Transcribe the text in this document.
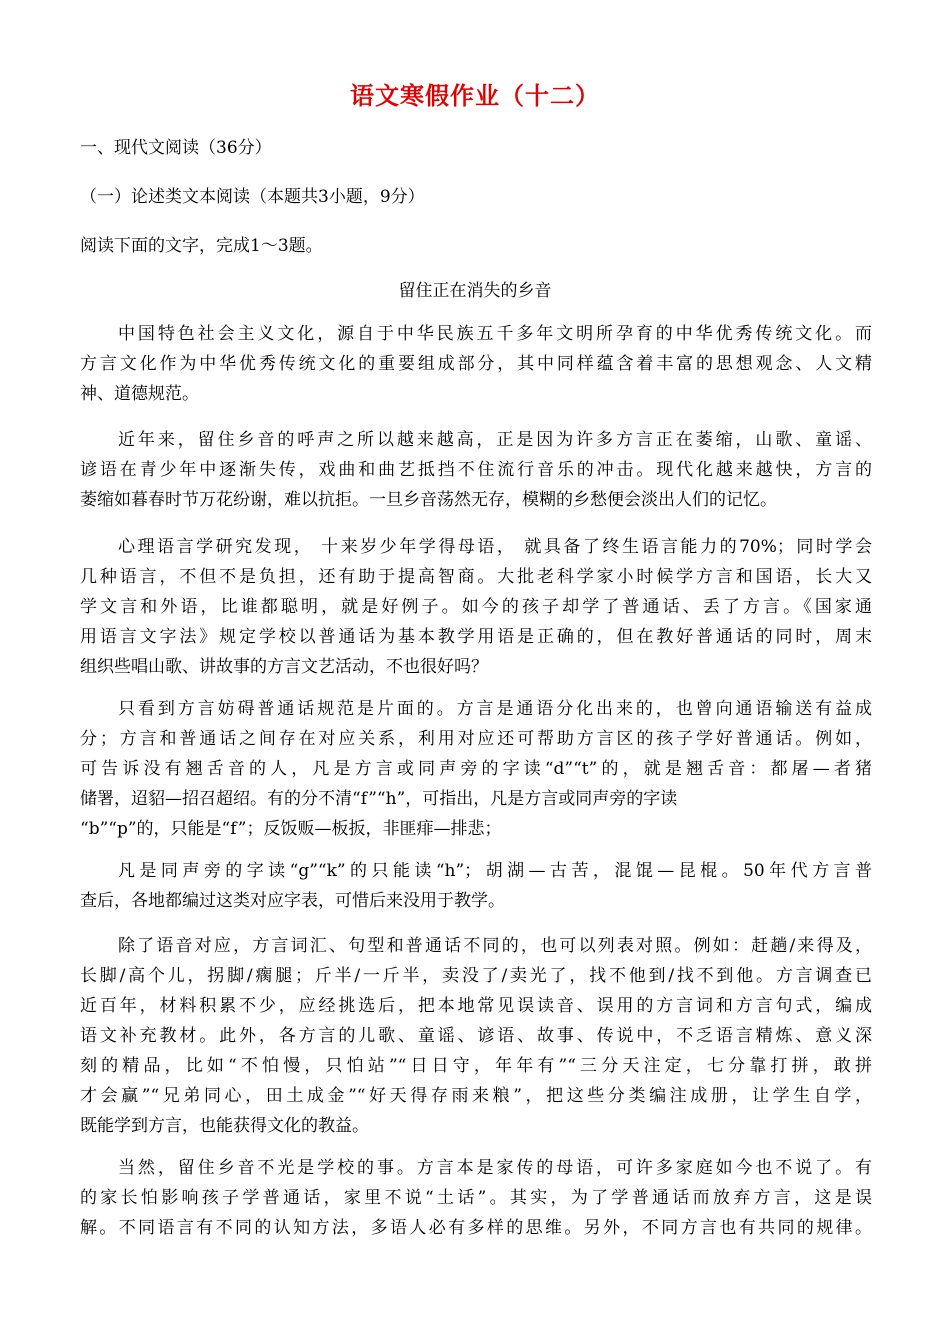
语文寒假作业（十二）
一、现代文阅读（36分）
（一）论述类文本阅读（本题共3小题，9分）
阅读下面的文字，完成1～3题。
留住正在消失的乡音
中国特色社会主义文化，源自于中华民族五千多年文明所孕育的中华优秀传统文化。而
方言文化作为中华优秀传统文化的重要组成部分，其中同样蕴含着丰富的思想观念、人文精
神、道德规范。
近年来，留住乡音的呼声之所以越来越高，正是因为许多方言正在萎缩，山歌、童谣、
谚语在青少年中逐渐失传，戏曲和曲艺抵挡不住流行音乐的冲击。现代化越来越快，方言的
萎缩如暮春时节万花纷谢，难以抗拒。一旦乡音荡然无存，模糊的乡愁便会淡出人们的记忆。
心理语言学研究发现， 十来岁少年学得母语， 就具备了终生语言能力的70%；同时学会
几种语言，不但不是负担，还有助于提高智商。大批老科学家小时候学方言和国语，长大又
学文言和外语，比谁都聪明，就是好例子。如今的孩子却学了普通话、丢了方言。《国家通
用语言文字法》规定学校以普通话为基本教学用语是正确的，但在教好普通话的同时，周末
组织些唱山歌、讲故事的方言文艺活动，不也很好吗？
只看到方言妨碍普通话规范是片面的。方言是通语分化出来的，也曾向通语输送有益成
分；方言和普通话之间存在对应关系，利用对应还可帮助方言区的孩子学好普通话。例如，
可告诉没有翘舌音的人，凡是方言或同声旁的字读“d”“t”的，就是翘舌音：都屠—者猪
储署，迢貂—招召超绍。有的分不清“f”“h”，可指出，凡是方言或同声旁的字读
“b”“p”的，只能是“f”；反饭贩—板扳，非匪痱—排悲；
凡是同声旁的字读“g”“k”的只能读“h”；胡湖—古苦，混馄—昆棍。50年代方言普
查后，各地都编过这类对应字表，可惜后来没用于教学。
除了语音对应，方言词汇、句型和普通话不同的，也可以列表对照。例如：赶趟/来得及，
长脚/高个儿，拐脚/瘸腿；斤半/一斤半，卖没了/卖光了，找不他到/找不到他。方言调查已
近百年，材料积累不少，应经挑选后，把本地常见误读音、误用的方言词和方言句式，编成
语文补充教材。此外，各方言的儿歌、童谣、谚语、故事、传说中，不乏语言精炼、意义深
刻的精品，比如“不怕慢，只怕站”“日日守，年年有”“三分天注定，七分靠打拼，敢拼
才会赢”“兄弟同心，田土成金”“好天得存雨来粮”，把这些分类编注成册，让学生自学，
既能学到方言，也能获得文化的教益。
当然，留住乡音不光是学校的事。方言本是家传的母语，可许多家庭如今也不说了。有
的家长怕影响孩子学普通话，家里不说“土话”。其实，为了学普通话而放弃方言，这是误
解。不同语言有不同的认知方法，多语人必有多样的思维。另外，不同方言也有共同的规律。
